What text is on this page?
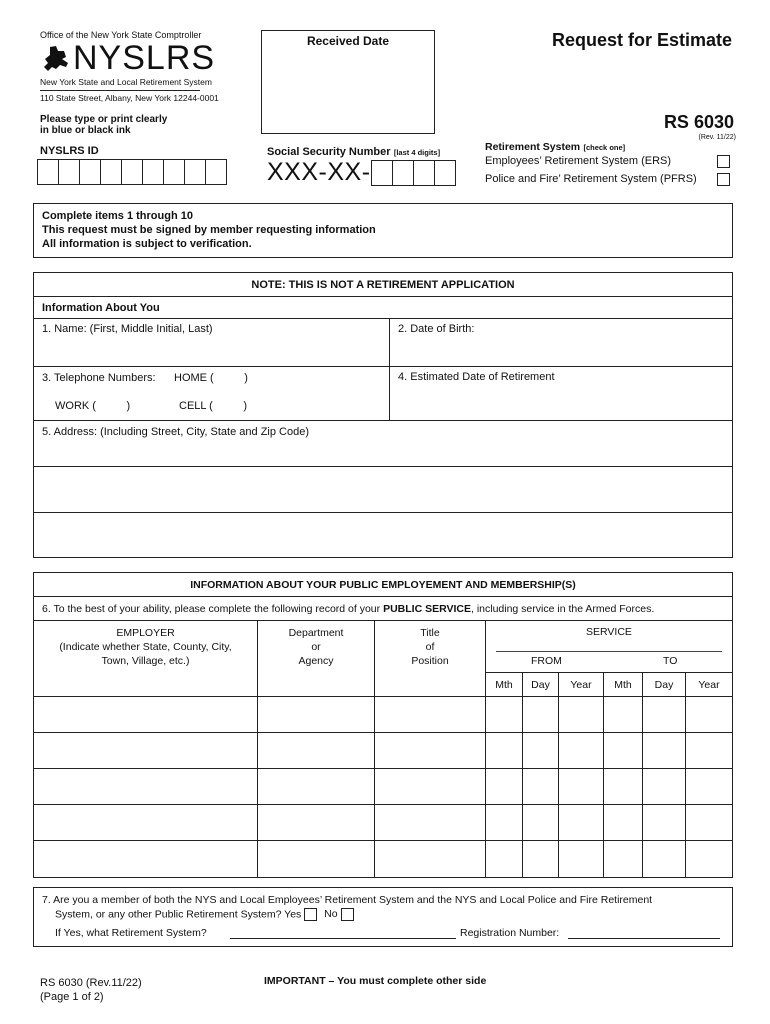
Office of the New York State Comptroller
NYSLRS
New York State and Local Retirement System
110 State Street, Albany, New York 12244-0001
Received Date	Request for Estimate
Please type or print clearly
in blue or black ink	RS 6030
(Rev. 11/22)
NYSLRS ID	Social Security Number [last 4 digits]
XXX-XX-
Retirement System [check one]
Employees’ Retirement System (ERS)
Police and Fire’ Retirement System (PFRS)
Complete items 1 through 10
This request must be signed by member requesting information
All information is subject to verification.
NOTE: THIS IS NOT A RETIREMENT APPLICATION
Information About You
1. Name: (First, Middle Initial, Last)	2. Date of Birth:
3. Telephone Numbers: HOME (          )
WORK (          )	CELL (          )
4. Estimated Date of Retirement
5. Address: (Including Street, City, State and Zip Code)
INFORMATION ABOUT YOUR PUBLIC EMPLOYEMENT AND MEMBERSHIP(S)
6. To the best of your ability, please complete the following record of your PUBLIC SERVICE, including service in the Armed Forces.
EMPLOYER
(Indicate whether State, County, City,
Town, Village, etc.)
Department
or
Agency
Title
of
Position
SERVICE
FROM	TO
Mth	Day	Year	Mth	Day	Year
7. Are you a member of both the NYS and Local Employees’ Retirement System and the NYS and Local Police and Fire Retirement
System, or any other Public Retirement System? Yes No
If Yes, what Retirement System?	Registration Number:
RS 6030 (Rev.11/22)
(Page 1 of 2)
IMPORTANT – You must complete other side
